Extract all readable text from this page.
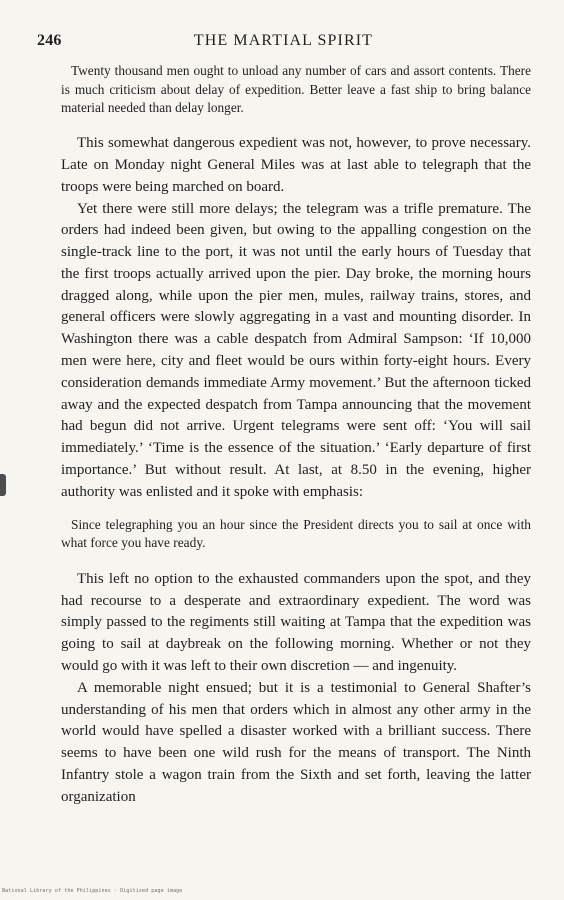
246	THE MARTIAL SPIRIT
Twenty thousand men ought to unload any number of cars and assort contents. There is much criticism about delay of expedition. Better leave a fast ship to bring balance material needed than delay longer.
This somewhat dangerous expedient was not, however, to prove necessary. Late on Monday night General Miles was at last able to telegraph that the troops were being marched on board.
Yet there were still more delays; the telegram was a trifle premature. The orders had indeed been given, but owing to the appalling congestion on the single-track line to the port, it was not until the early hours of Tuesday that the first troops actually arrived upon the pier. Day broke, the morning hours dragged along, while upon the pier men, mules, railway trains, stores, and general officers were slowly aggregating in a vast and mounting disorder. In Washington there was a cable despatch from Admiral Sampson: ‘If 10,000 men were here, city and fleet would be ours within forty-eight hours. Every consideration demands immediate Army movement.’ But the afternoon ticked away and the expected despatch from Tampa announcing that the movement had begun did not arrive. Urgent telegrams were sent off: ‘You will sail immediately.’ ‘Time is the essence of the situation.’ ‘Early departure of first importance.’ But without result. At last, at 8.50 in the evening, higher authority was enlisted and it spoke with emphasis:
Since telegraphing you an hour since the President directs you to sail at once with what force you have ready.
This left no option to the exhausted commanders upon the spot, and they had recourse to a desperate and extraordinary expedient. The word was simply passed to the regiments still waiting at Tampa that the expedition was going to sail at daybreak on the following morning. Whether or not they would go with it was left to their own discretion — and ingenuity.
A memorable night ensued; but it is a testimonial to General Shafter’s understanding of his men that orders which in almost any other army in the world would have spelled a disaster worked with a brilliant success. There seems to have been one wild rush for the means of transport. The Ninth Infantry stole a wagon train from the Sixth and set forth, leaving the latter organization
National Library of the Philippines · Digitized page image
